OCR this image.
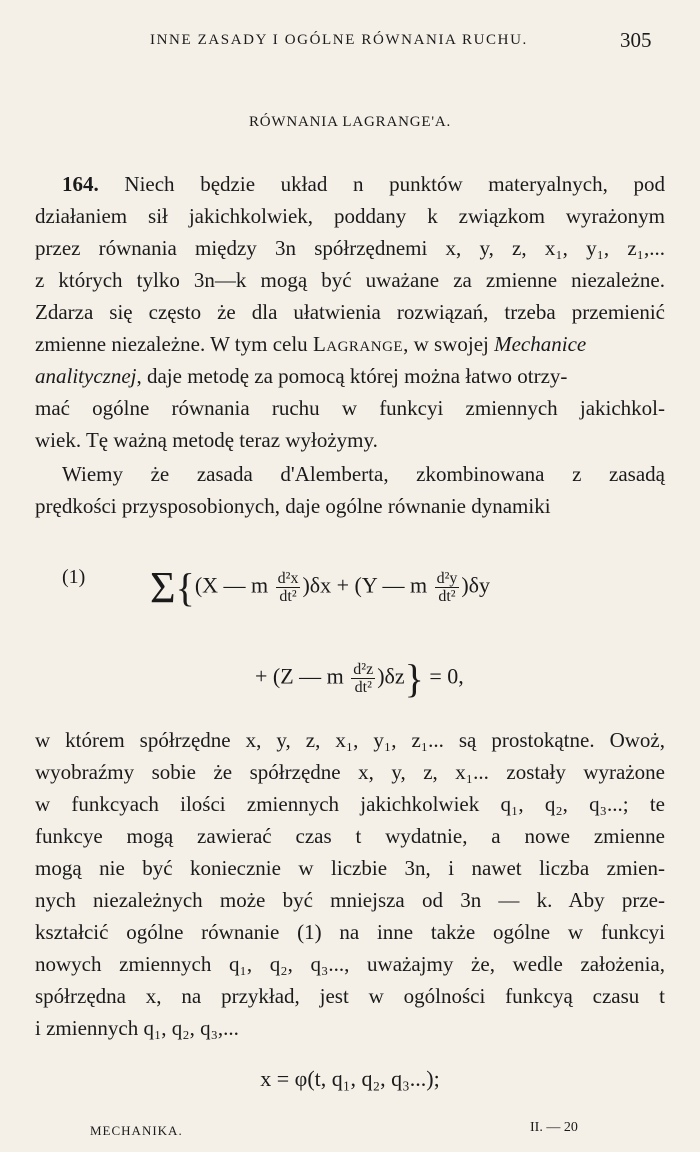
INNE ZASADY I OGÓLNE RÓWNANIA RUCHU.	305
RÓWNANIA LAGRANGE'A.
164. Niech będzie układ n punktów materyalnych, pod
działaniem sił jakichkolwiek, poddany k związkom wyrażonym
przez równania między 3n spółrzędnemi x, y, z, x₁, y₁, z₁,...
z których tylko 3n—k mogą być uważane za zmienne niezależne.
Zdarza się często że dla ułatwienia rozwiązań, trzeba przemienić
zmienne niezależne. W tym celu Lagrange, w swojej Mechanice
analitycznej, daje metodę za pomocą której można łatwo otrzy-
mać ogólne równania ruchu w funkcyi zmiennych jakichkol-
wiek. Tę ważną metodę teraz wyłożymy.
Wiemy że zasada d'Alemberta, zkombinowana z zasadą
prędkości przysposobionych, daje ogólne równanie dynamiki
(1) Σ{(X — m $\frac{\text{d²x}}{\text{dt²}} )\delta x + (Y$ — m $\frac{\text{d²y}}{\text{dt²}} )\delta y$
+ (Z — m $\frac{\text{d²z}}{\text{dt²}} )\delta z\} = 0$,
w którem spółrzędne x, y, z, x₁, y₁, z₁... są prostokątne. Owoż,
wyobraźmy sobie że spółrzędne x, y, z, x₁... zostały wyrażone
w funkcyach ilości zmiennych jakichkolwiek q₁, q₂, q₃...; te
funkcye mogą zawierać czas t wydatnie, a nowe zmienne
mogą nie być koniecznie w liczbie 3n, i nawet liczba zmien-
nych niezależnych może być mniejsza od 3n — k. Aby prze-
kształcić ogólne równanie (1) na inne także ogólne w funkcyi
nowych zmiennych q₁, q₂, q₃..., uważajmy że, wedle założenia,
spółrzędna x, na przykład, jest w ogólności funkcyą czasu t
i zmiennych q₁, q₂, q₃,...
x = φ(t, q₁, q₂, q₃...);
MECHANIKA.	II. — 20
